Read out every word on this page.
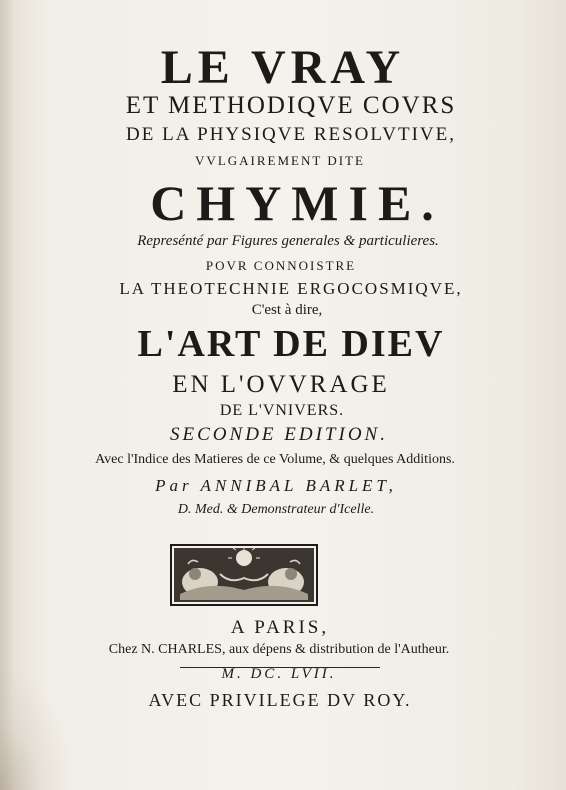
LE VRAY
ET METHODIQVE COVRS
DE LA PHYSIQVE RESOLVTIVE,
VVLGAIREMENT DITE
CHYMIE.
Represénté par Figures generales & particulieres.
POVR CONNOISTRE
LA THEOTECHNIE ERGOCOSMIQVE,
C'est à dire,
L'ART DE DIEV
EN L'OVVRAGE
DE L'VNIVERS.
SECONDE EDITION.
Avec l'Indice des Matieres de ce Volume, & quelques Additions.
Par ANNIBAL BARLET,
D. Med. & Demonstrateur d'Icelle.
A PARIS,
Chez N. CHARLES, aux dépens & distribution de l'Autheur.
M. DC. LVII.
AVEC PRIVILEGE DV ROY.
